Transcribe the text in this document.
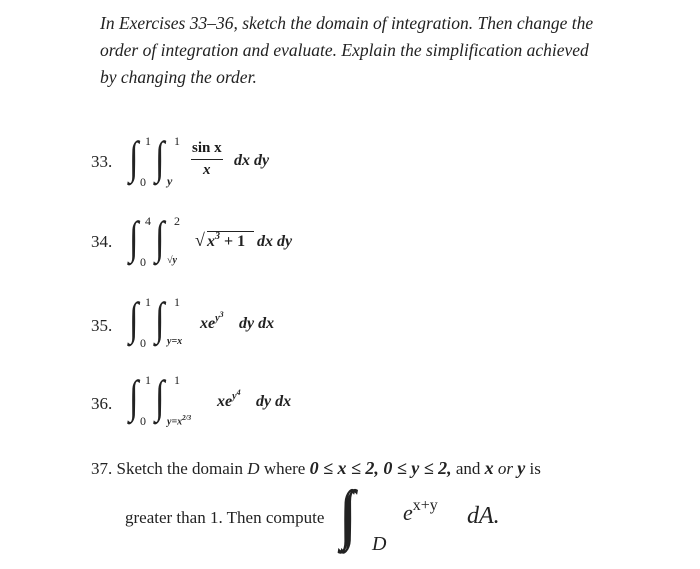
In Exercises 33–36, sketch the domain of integration. Then change the
order of integration and evaluate. Explain the simplification achieved
by changing the order.
33. ∫ 1
0 ∫ 1
y
$\frac{\text{sin x}}{x}$ dx dy
34. ∫ 4
0 ∫ 2
√y
√ $x^3 + 1$ dx dy
35. ∫ 1
0 ∫ 1
y=x
$xe^{y3}$
dy dx
36. ∫ 1
0 ∫ 1
$y=x^{2/3}$
$xe^{y4}$
dy dx
37. Sketch the domain D where 0 ≤ x ≤ 2, 0 ≤ y ≤ 2, and x or y is
greater than 1. Then compute ∫∫ D
$e^{x+y}$ dA.
